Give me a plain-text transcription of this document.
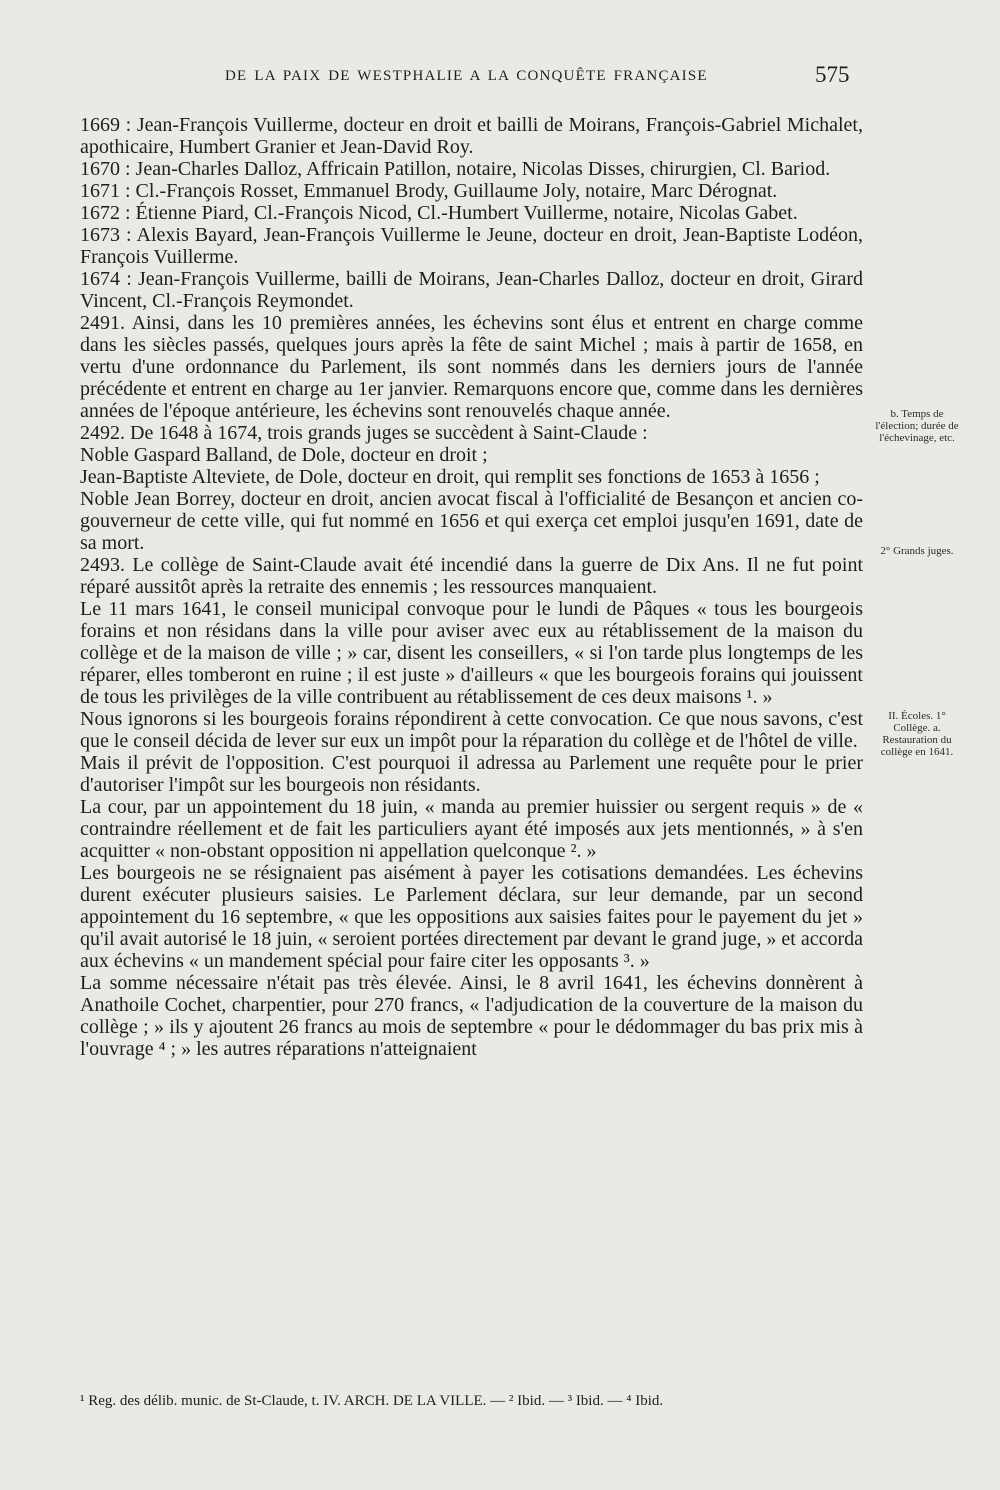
DE LA PAIX DE WESTPHALIE A LA CONQUÊTE FRANÇAISE	575

1669 : Jean-François Vuillerme, docteur en droit et bailli de Moirans, François-Gabriel Michalet, apothicaire, Humbert Granier et Jean-David Roy.

1670 : Jean-Charles Dalloz, Affricain Patillon, notaire, Nicolas Disses, chirurgien, Cl. Bariod.

1671 : Cl.-François Rosset, Emmanuel Brody, Guillaume Joly, notaire, Marc Dérognat.

1672 : Étienne Piard, Cl.-François Nicod, Cl.-Humbert Vuillerme, notaire, Nicolas Gabet.

1673 : Alexis Bayard, Jean-François Vuillerme le Jeune, docteur en droit, Jean-Baptiste Lodéon, François Vuillerme.

1674 : Jean-François Vuillerme, bailli de Moirans, Jean-Charles Dalloz, docteur en droit, Girard Vincent, Cl.-François Reymondet.

2491. Ainsi, dans les 10 premières années, les échevins sont élus et entrent en charge comme dans les siècles passés, quelques jours après la fête de saint Michel ; mais à partir de 1658, en vertu d'une ordonnance du Parlement, ils sont nommés dans les derniers jours de l'année précédente et entrent en charge au 1er janvier. Remarquons encore que, comme dans les dernières années de l'époque antérieure, les échevins sont renouvelés chaque année.

2492. De 1648 à 1674, trois grands juges se succèdent à Saint-Claude :

Noble Gaspard Balland, de Dole, docteur en droit ;

Jean-Baptiste Alteviete, de Dole, docteur en droit, qui remplit ses fonctions de 1653 à 1656 ;

Noble Jean Borrey, docteur en droit, ancien avocat fiscal à l'officialité de Besançon et ancien co-gouverneur de cette ville, qui fut nommé en 1656 et qui exerça cet emploi jusqu'en 1691, date de sa mort.

2493. Le collège de Saint-Claude avait été incendié dans la guerre de Dix Ans. Il ne fut point réparé aussitôt après la retraite des ennemis ; les ressources manquaient.

Le 11 mars 1641, le conseil municipal convoque pour le lundi de Pâques « tous les bourgeois forains et non résidans dans la ville pour aviser avec eux au rétablissement de la maison du collège et de la maison de ville ; » car, disent les conseillers, « si l'on tarde plus longtemps de les réparer, elles tomberont en ruine ; il est juste » d'ailleurs « que les bourgeois forains qui jouissent de tous les privilèges de la ville contribuent au rétablissement de ces deux maisons ¹. »

Nous ignorons si les bourgeois forains répondirent à cette convocation. Ce que nous savons, c'est que le conseil décida de lever sur eux un impôt pour la réparation du collège et de l'hôtel de ville.

Mais il prévit de l'opposition. C'est pourquoi il adressa au Parlement une requête pour le prier d'autoriser l'impôt sur les bourgeois non résidants.

La cour, par un appointement du 18 juin, « manda au premier huissier ou sergent requis » de « contraindre réellement et de fait les particuliers ayant été imposés aux jets mentionnés, » à s'en acquitter « non-obstant opposition ni appellation quelconque ². »

Les bourgeois ne se résignaient pas aisément à payer les cotisations demandées. Les échevins durent exécuter plusieurs saisies. Le Parlement déclara, sur leur demande, par un second appointement du 16 septembre, « que les oppositions aux saisies faites pour le payement du jet » qu'il avait autorisé le 18 juin, « seroient portées directement par devant le grand juge, » et accorda aux échevins « un mandement spécial pour faire citer les opposants ³. »

La somme nécessaire n'était pas très élevée. Ainsi, le 8 avril 1641, les échevins donnèrent à Anathoile Cochet, charpentier, pour 270 francs, « l'adjudication de la couverture de la maison du collège ; » ils y ajoutent 26 francs au mois de septembre « pour le dédommager du bas prix mis à l'ouvrage ⁴ ; » les autres réparations n'atteignaient

b. Temps de l'élection; durée de l'échevinage, etc.
2° Grands juges.
II. Écoles. 1° Collège. a. Restauration du collège en 1641.
¹ Reg. des délib. munic. de St-Claude, t. IV. ARCH. DE LA VILLE. — ² Ibid. — ³ Ibid. — ⁴ Ibid.
